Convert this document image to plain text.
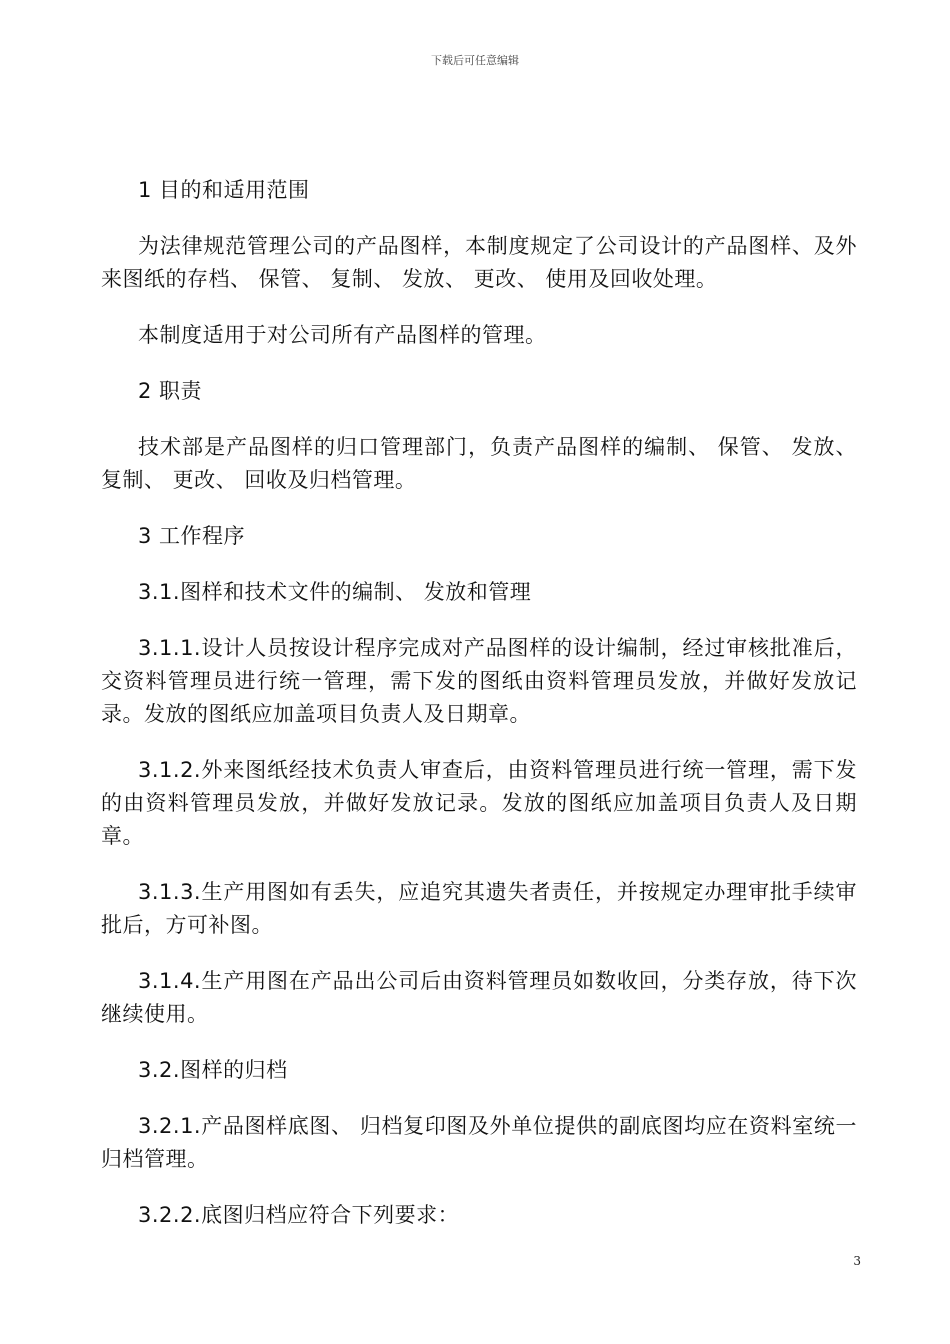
下载后可任意编辑

1 目的和适用范围

为法律规范管理公司的产品图样，本制度规定了公司设计的产品图样、及外来图纸的存档、 保管、 复制、 发放、 更改、 使用及回收处理。

本制度适用于对公司所有产品图样的管理。

2 职责

技术部是产品图样的归口管理部门，负责产品图样的编制、 保管、 发放、 复制、 更改、 回收及归档管理。

3 工作程序

3.1.图样和技术文件的编制、 发放和管理

3.1.1.设计人员按设计程序完成对产品图样的设计编制，经过审核批准后，交资料管理员进行统一管理，需下发的图纸由资料管理员发放，并做好发放记录。发放的图纸应加盖项目负责人及日期章。

3.1.2.外来图纸经技术负责人审查后，由资料管理员进行统一管理，需下发的由资料管理员发放，并做好发放记录。发放的图纸应加盖项目负责人及日期章。

3.1.3.生产用图如有丢失，应追究其遗失者责任，并按规定办理审批手续审批后，方可补图。

3.1.4.生产用图在产品出公司后由资料管理员如数收回，分类存放，待下次继续使用。

3.2.图样的归档

3.2.1.产品图样底图、 归档复印图及外单位提供的副底图均应在资料室统一归档管理。

3.2.2.底图归档应符合下列要求：

3
